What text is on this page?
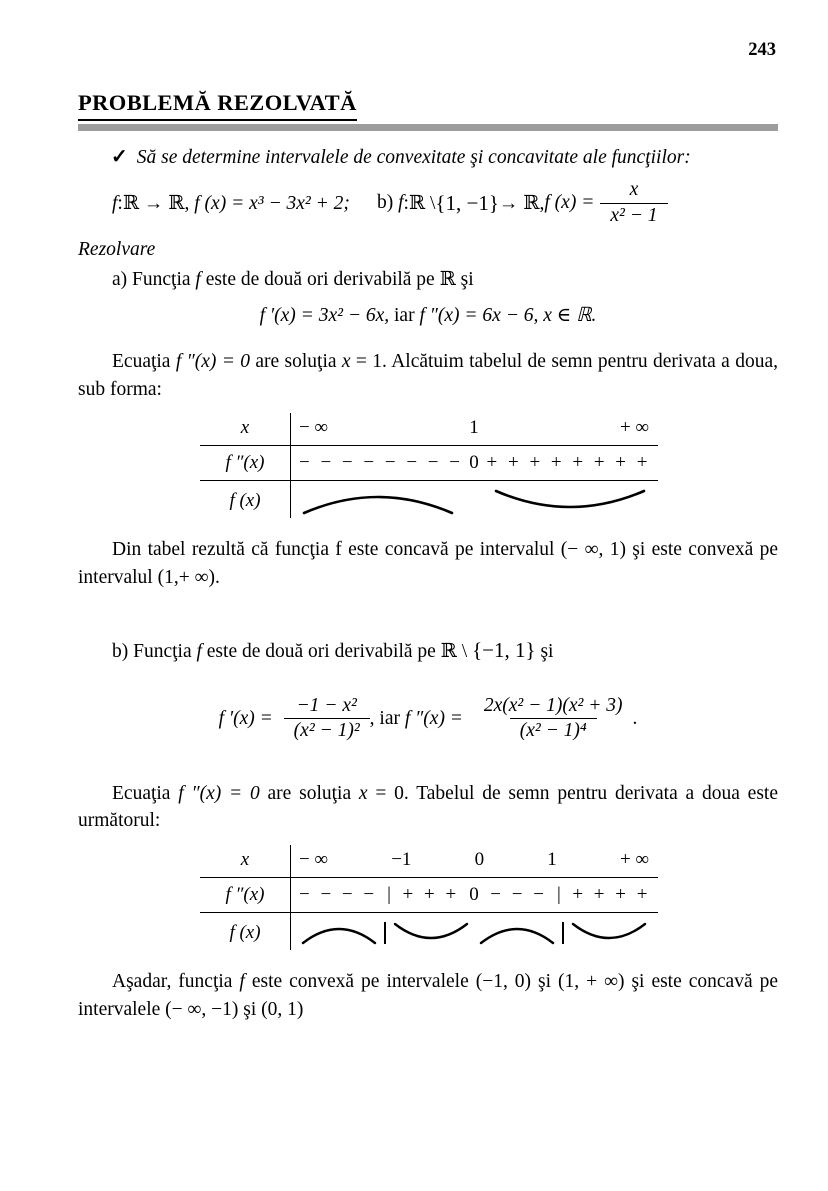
243
PROBLEMĂ REZOLVATĂ
✓ Să se determine intervalele de convexitate şi concavitate ale funcţiilor:
f:ℝ → ℝ, f (x) = x³ − 3x² + 2; b) f :ℝ \ {1, −1} → ℝ, f $(x) = \frac{x}{\text{x² − 1}}$
Rezolvare
a) Funcţia f este de două ori derivabilă pe ℝ şi
f ′(x) = 3x² − 6x, iar f ″(x) = 6x − 6, x ∈ ℝ.
Ecuaţia f ″(x) = 0 are soluţia x = 1. Alcătuim tabelul de semn pentru derivata a doua, sub forma:
x	− ∞	1	+ ∞
f ″(x)	− − − − − − − − 0 + + + + + + + +
f (x)
Din tabel rezultă că funcţia f este concavă pe intervalul (− ∞, 1) şi este convexă pe intervalul (1,+ ∞).
b) Funcţia f este de două ori derivabilă pe ℝ \ {−1, 1} şi
f $'(x) = \frac{\text{−1 − x²}}{\text{(x² − 1)²}}$ , iar f $''(x) = \frac{\text{2x(x² − 1)(x² + 3)}}{\text{(x² − 1)⁴}}$ .
Ecuaţia f ″(x) = 0 are soluţia x = 0. Tabelul de semn pentru derivata a doua este următorul:
x	− ∞	−1	0	1	+ ∞
f ″(x)	− − − − | + + + 0 − − − | + + + +
f (x)
Aşadar, funcţia f este convexă pe intervalele (−1, 0) şi (1, + ∞) şi este concavă pe intervalele (− ∞, −1) şi (0, 1)
